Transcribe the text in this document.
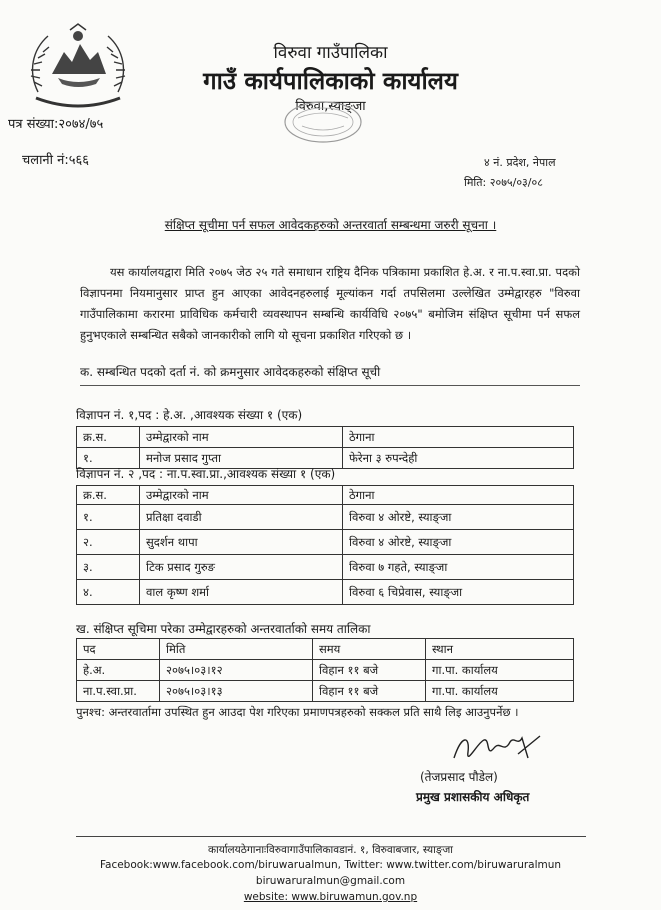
विरुवा गाउँपालिका
गाउँ कार्यपालिकाको कार्यालय
विरुवा,स्याङ्जा
पत्र संख्या:२०७४/७५
चलानी नं:५६६	४ नं. प्रदेश, नेपाल
मिति: २०७५/०३/०८
संक्षिप्त सूचीमा पर्न सफल आवेदकहरुको अन्तरवार्ता सम्बन्धमा जरुरी सूचना ।
यस कार्यालयद्वारा मिति २०७५ जेठ २५ गते समाधान राष्ट्रिय दैनिक पत्रिकामा प्रकाशित हे.अ. र ना.प.स्वा.प्रा. पदको विज्ञापनमा नियमानुसार प्राप्त हुन आएका आवेदनहरुलाई मूल्यांकन गर्दा तपसिलमा उल्लेखित उम्मेद्वारहरु "विरुवा गाउँपालिकामा करारमा प्राविधिक कर्मचारी व्यवस्थापन सम्बन्धि कार्यविधि २०७५" बमोजिम संक्षिप्त सूचीमा पर्न सफल हुनुभएकाले सम्बन्धित सबैको जानकारीको लागि यो सूचना प्रकाशित गरिएको छ ।
क. सम्बन्धित पदको दर्ता नं. को क्रमनुसार आवेदकहरुको संक्षिप्त सूची
विज्ञापन नं. १,पद : हे.अ. ,आवश्यक संख्या १ (एक)
क्र.स.	उम्मेद्वारको नाम	ठेगाना
१.	मनोज प्रसाद गुप्ता	फेरेना ३ रुपन्देही
विज्ञापन नं. २ ,पद : ना.प.स्वा.प्रा.,आवश्यक संख्या १ (एक)
क्र.स.	उम्मेद्वारको नाम	ठेगाना
१.	प्रतिक्षा दवाडी	विरुवा ४ ओरष्टे, स्याङ्जा
२.	सुदर्शन थापा	विरुवा ४ ओरष्टे, स्याङ्जा
३.	टिक प्रसाद गुरुङ	विरुवा ७ गहते, स्याङ्जा
४.	वाल कृष्ण शर्मा	विरुवा ६ चिप्रेवास, स्याङ्जा
ख. संक्षिप्त सूचिमा परेका उम्मेद्वारहरुको अन्तरवार्ताको समय तालिका
पद	मिति	समय	स्थान
हे.अ.	२०७५।०३।१२	विहान ११ बजे	गा.पा. कार्यालय
ना.प.स्वा.प्रा.	२०७५।०३।१३	विहान ११ बजे	गा.पा. कार्यालय
पुनश्च: अन्तरवार्तामा उपस्थित हुन आउदा पेश गरिएका प्रमाणपत्रहरुको सक्कल प्रति साथै लिइ आउनुपर्नेछ ।
(तेजप्रसाद पौडेल)
प्रमुख प्रशासकीय अधिकृत
कार्यालयठेगानाःविरुवागाउँपालिकावडानं. १, विरुवाबजार, स्याङ्जा
Facebook:www.facebook.com/biruwarualmun, Twitter: www.twitter.com/biruwaruralmun
biruwaruralmun@gmail.com
website: www.biruwamun.gov.np
